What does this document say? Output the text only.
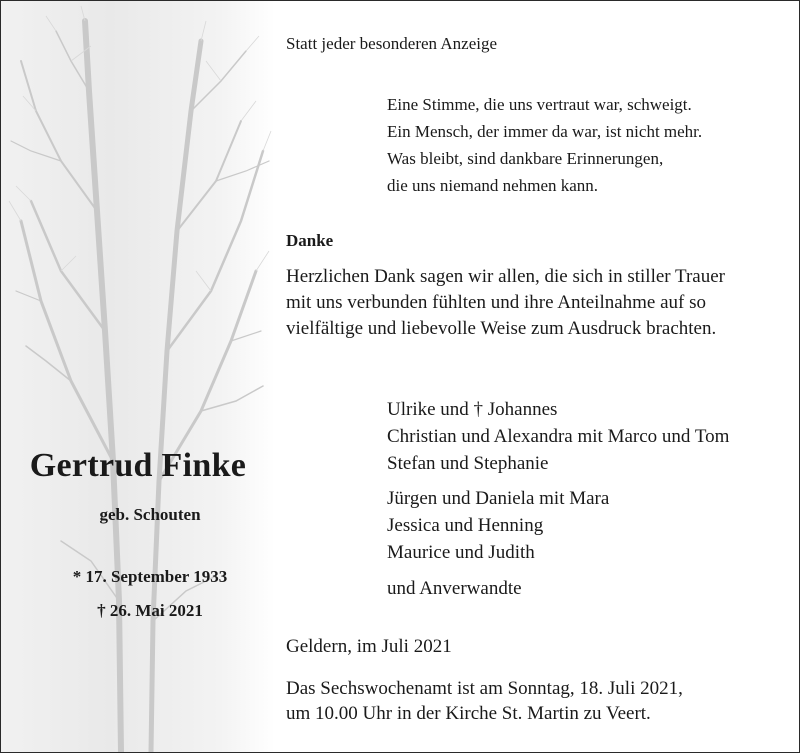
Gertrud Finke
geb. Schouten
* 17. September 1933
† 26. Mai 2021
Statt jeder besonderen Anzeige
Eine Stimme, die uns vertraut war, schweigt.
Ein Mensch, der immer da war, ist nicht mehr.
Was bleibt, sind dankbare Erinnerungen,
die uns niemand nehmen kann.
Danke
Herzlichen Dank sagen wir allen, die sich in stiller Trauer
mit uns verbunden fühlten und ihre Anteilnahme auf so
vielfältige und liebevolle Weise zum Ausdruck brachten.
Ulrike und † Johannes
Christian und Alexandra mit Marco und Tom
Stefan und Stephanie
Jürgen und Daniela mit Mara
Jessica und Henning
Maurice und Judith
und Anverwandte
Geldern, im Juli 2021
Das Sechswochenamt ist am Sonntag, 18. Juli 2021,
um 10.00 Uhr in der Kirche St. Martin zu Veert.
